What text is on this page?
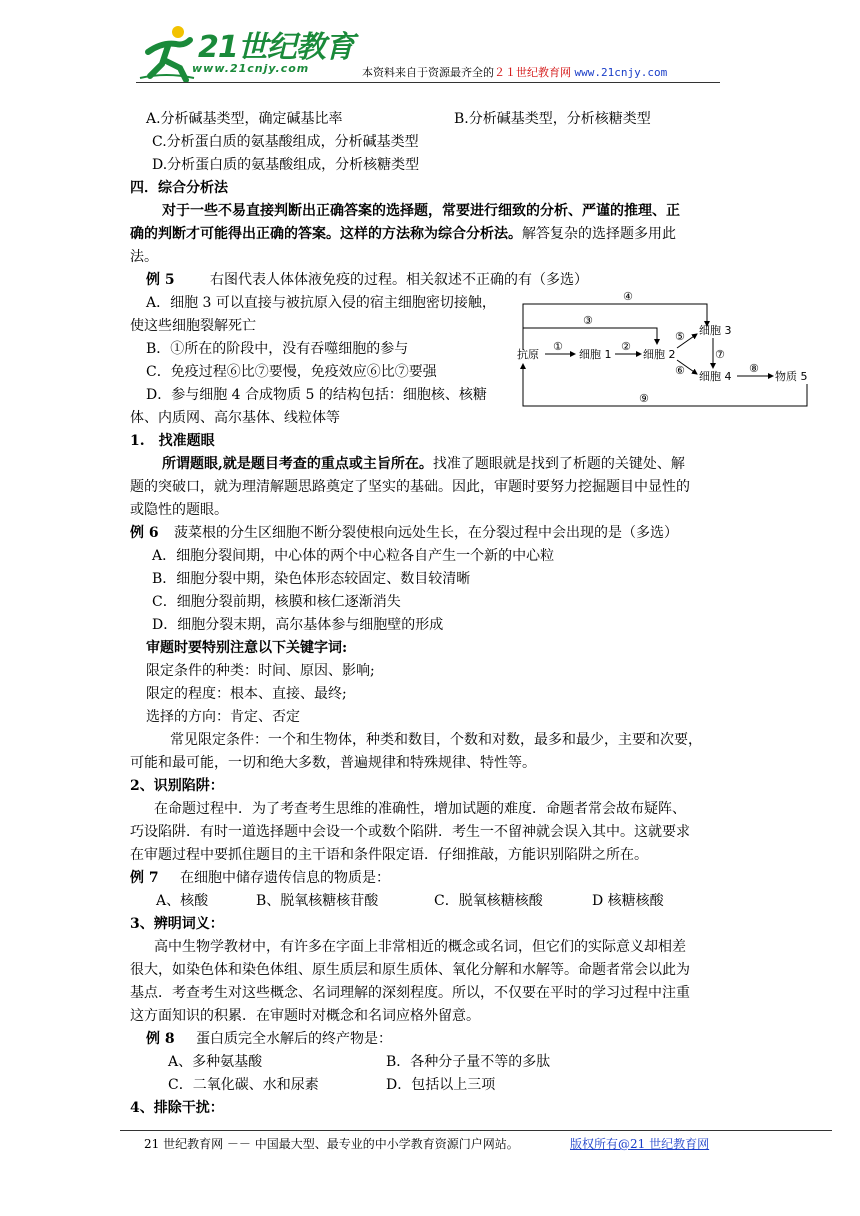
21世纪教育
www.21cnjy.com	本资料来自于资源最齐全的２１世纪教育网 www.21cnjy.com
A.分析碱基类型，确定碱基比率	B.分析碱基类型，分析核糖类型
C.分析蛋白质的氨基酸组成，分析碱基类型
D.分析蛋白质的氨基酸组成，分析核糖类型
四．综合分析法
对于一些不易直接判断出正确答案的选择题，常要进行细致的分析、严谨的推理、正
确的判断才可能得出正确的答案。这样的方法称为综合分析法。解答复杂的选择题多用此
法。
例 5	右图代表人体体液免疫的过程。相关叙述不正确的有（多选）
A．细胞 3 可以直接与被抗原入侵的宿主细胞密切接触，
使这些细胞裂解死亡
B．①所在的阶段中，没有吞噬细胞的参与
C．免疫过程⑥比⑦要慢，免疫效应⑥比⑦要强
D．参与细胞 4 合成物质 5 的结构包括：细胞核、核糖
体、内质网、高尔基体、线粒体等
抗原	细胞 1	细胞 2
细胞 3
细胞 4	物质 5
④
③
①	②
⑤
⑥
⑦
⑧
⑨
1.　找准题眼
所谓题眼,就是题目考查的重点或主旨所在。找准了题眼就是找到了析题的关键处、解
题的突破口，就为理清解题思路奠定了坚实的基础。因此，审题时要努力挖掘题目中显性的
或隐性的题眼。
例 6 菠菜根的分生区细胞不断分裂使根向远处生长，在分裂过程中会出现的是（多选）
A．细胞分裂间期，中心体的两个中心粒各自产生一个新的中心粒
B．细胞分裂中期，染色体形态较固定、数目较清晰
C．细胞分裂前期，核膜和核仁逐渐消失
D．细胞分裂末期，高尔基体参与细胞壁的形成
审题时要特别注意以下关键字词:
限定条件的种类：时间、原因、影响;
限定的程度：根本、直接、最终;
选择的方向：肯定、否定
常见限定条件：一个和生物体，种类和数目，个数和对数，最多和最少，主要和次要，
可能和最可能，一切和绝大多数，普遍规律和特殊规律、特性等。
2、识别陷阱：
在命题过程中．为了考查考生思维的准确性，增加试题的难度．命题者常会故布疑阵、
巧设陷阱．有时一道选择题中会设一个或数个陷阱．考生一不留神就会误入其中。这就要求
在审题过程中要抓住题目的主干语和条件限定语．仔细推敲，方能识别陷阱之所在。
例 7 在细胞中储存遗传信息的物质是：
A、核酸	B、脱氧核糖核苷酸	C．脱氧核糖核酸	D 核糖核酸
3、辨明词义：
高中生物学教材中，有许多在字面上非常相近的概念或名词，但它们的实际意义却相差
很大，如染色体和染色体组、原生质层和原生质体、氧化分解和水解等。命题者常会以此为
基点．考查考生对这些概念、名词理解的深刻程度。所以，不仅要在平时的学习过程中注重
这方面知识的积累．在审题时对概念和名词应格外留意。
例 8 蛋白质完全水解后的终产物是：
A、多种氨基酸	B．各种分子量不等的多肽
C．二氧化碳、水和尿素	D．包括以上三项
4、排除干扰：
21 世纪教育网 －－ 中国最大型、最专业的中小学教育资源门户网站。	版权所有@21 世纪教育网
